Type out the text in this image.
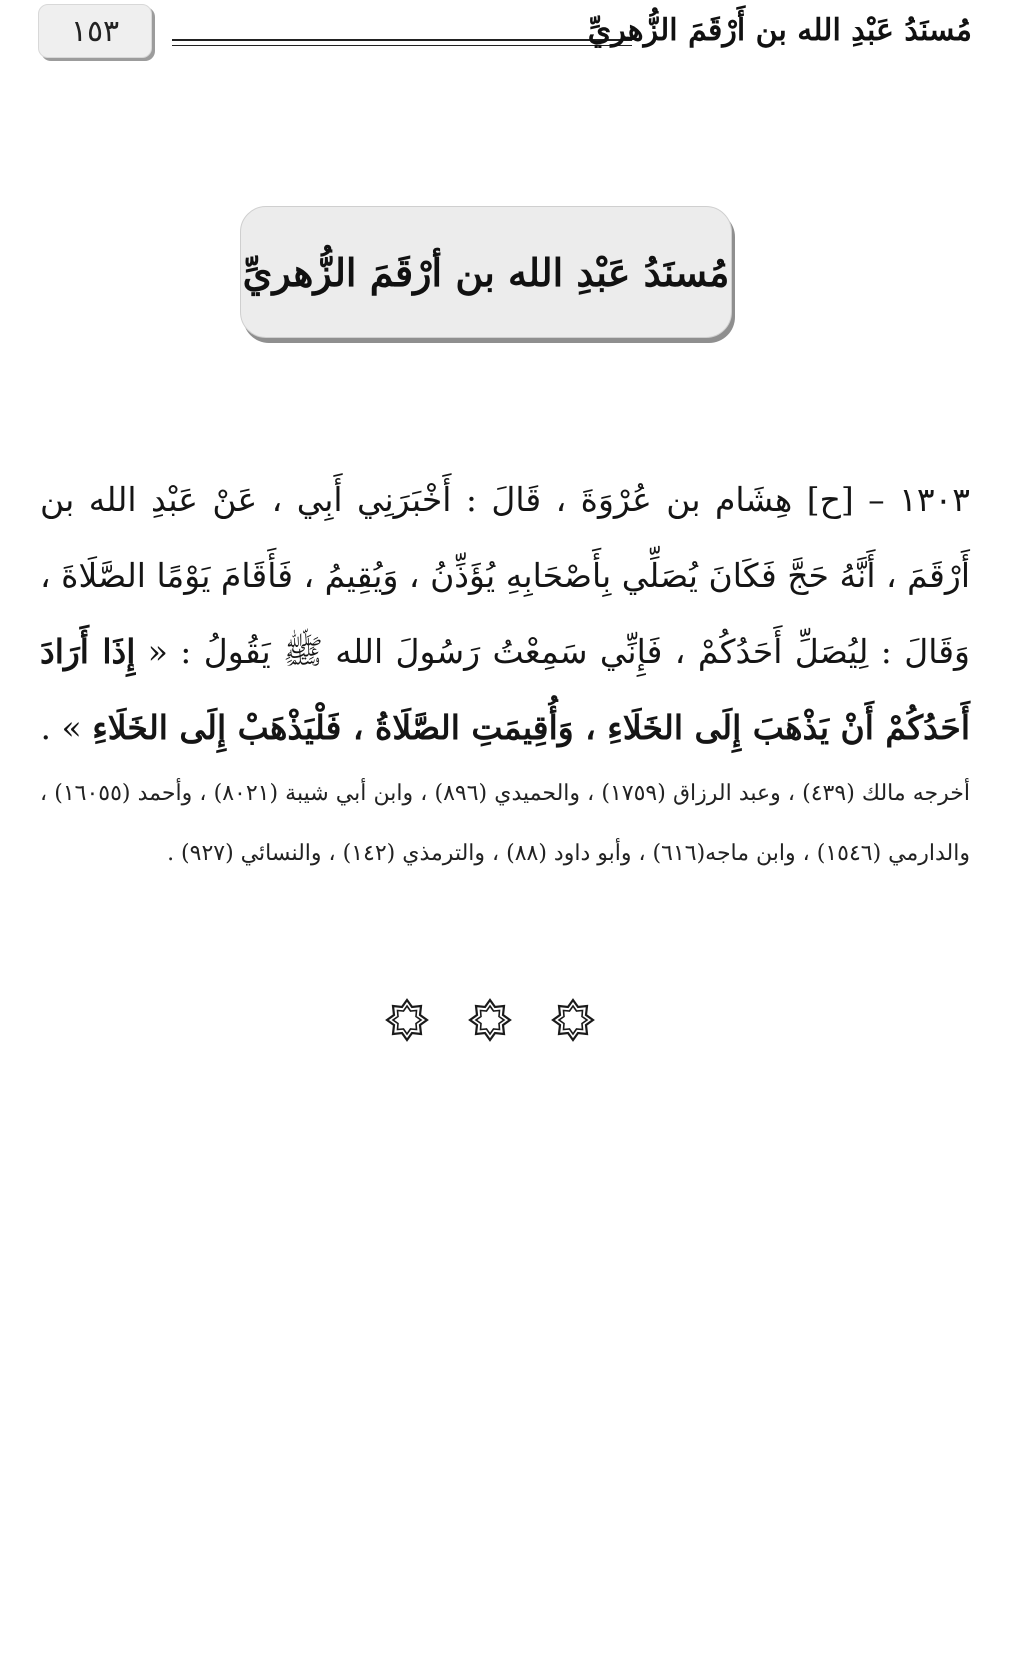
١٥٣	مُسنَدُ عَبْدِ الله بن أَرْقَمَ الزُّهريِّ
مُسنَدُ عَبْدِ الله بن أرْقَمَ الزُّهريِّ
١٣٠٣ – [ح] هِشَام بن عُرْوَةَ ، قَالَ : أَخْبَرَنِي أَبِي ، عَنْ عَبْدِ الله بن أَرْقَمَ ، أَنَّهُ حَجَّ فَكَانَ يُصَلِّي بِأَصْحَابِهِ يُؤَذِّنُ ، وَيُقِيمُ ، فَأَقَامَ يَوْمًا الصَّلَاةَ ، وَقَالَ : لِيُصَلِّ أَحَدُكُمْ ، فَإِنِّي سَمِعْتُ رَسُولَ الله ﷺ يَقُولُ : « إِذَا أَرَادَ أَحَدُكُمْ أَنْ يَذْهَبَ إِلَى الخَلَاءِ ، وَأُقِيمَتِ الصَّلَاةُ ، فَلْيَذْهَبْ إِلَى الخَلَاءِ » .
أخرجه مالك (٤٣٩) ، وعبد الرزاق (١٧٥٩) ، والحميدي (٨٩٦) ، وابن أبي شيبة (٨٠٢١) ، وأحمد (١٦٠٥٥) ، والدارمي (١٥٤٦) ، وابن ماجه(٦١٦) ، وأبو داود (٨٨) ، والترمذي (١٤٢) ، والنسائي (٩٢٧) .
